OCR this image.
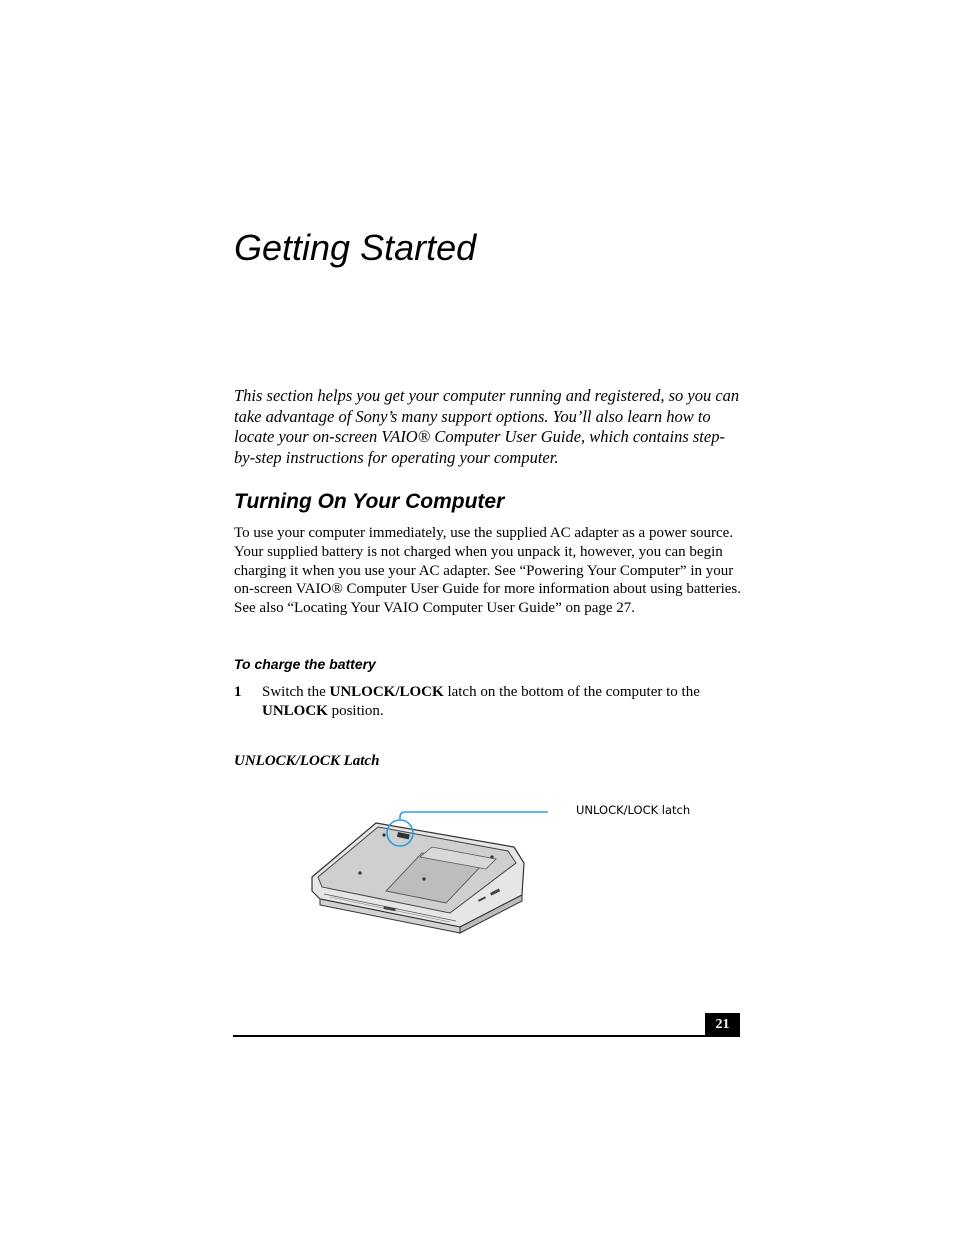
Getting Started

This section helps you get your computer running and registered, so you can take advantage of Sony’s many support options. You’ll also learn how to locate your on-screen VAIO® Computer User Guide, which contains step-by-step instructions for operating your computer.

Turning On Your Computer

To use your computer immediately, use the supplied AC adapter as a power source. Your supplied battery is not charged when you unpack it, however, you can begin charging it when you use your AC adapter. See “Powering Your Computer” in your on-screen VAIO® Computer User Guide for more information about using batteries. See also “Locating Your VAIO Computer User Guide” on page 27.

To charge the battery
1 Switch the UNLOCK/LOCK latch on the bottom of the computer to the UNLOCK position.

UNLOCK/LOCK Latch

UNLOCK/LOCK latch
21
